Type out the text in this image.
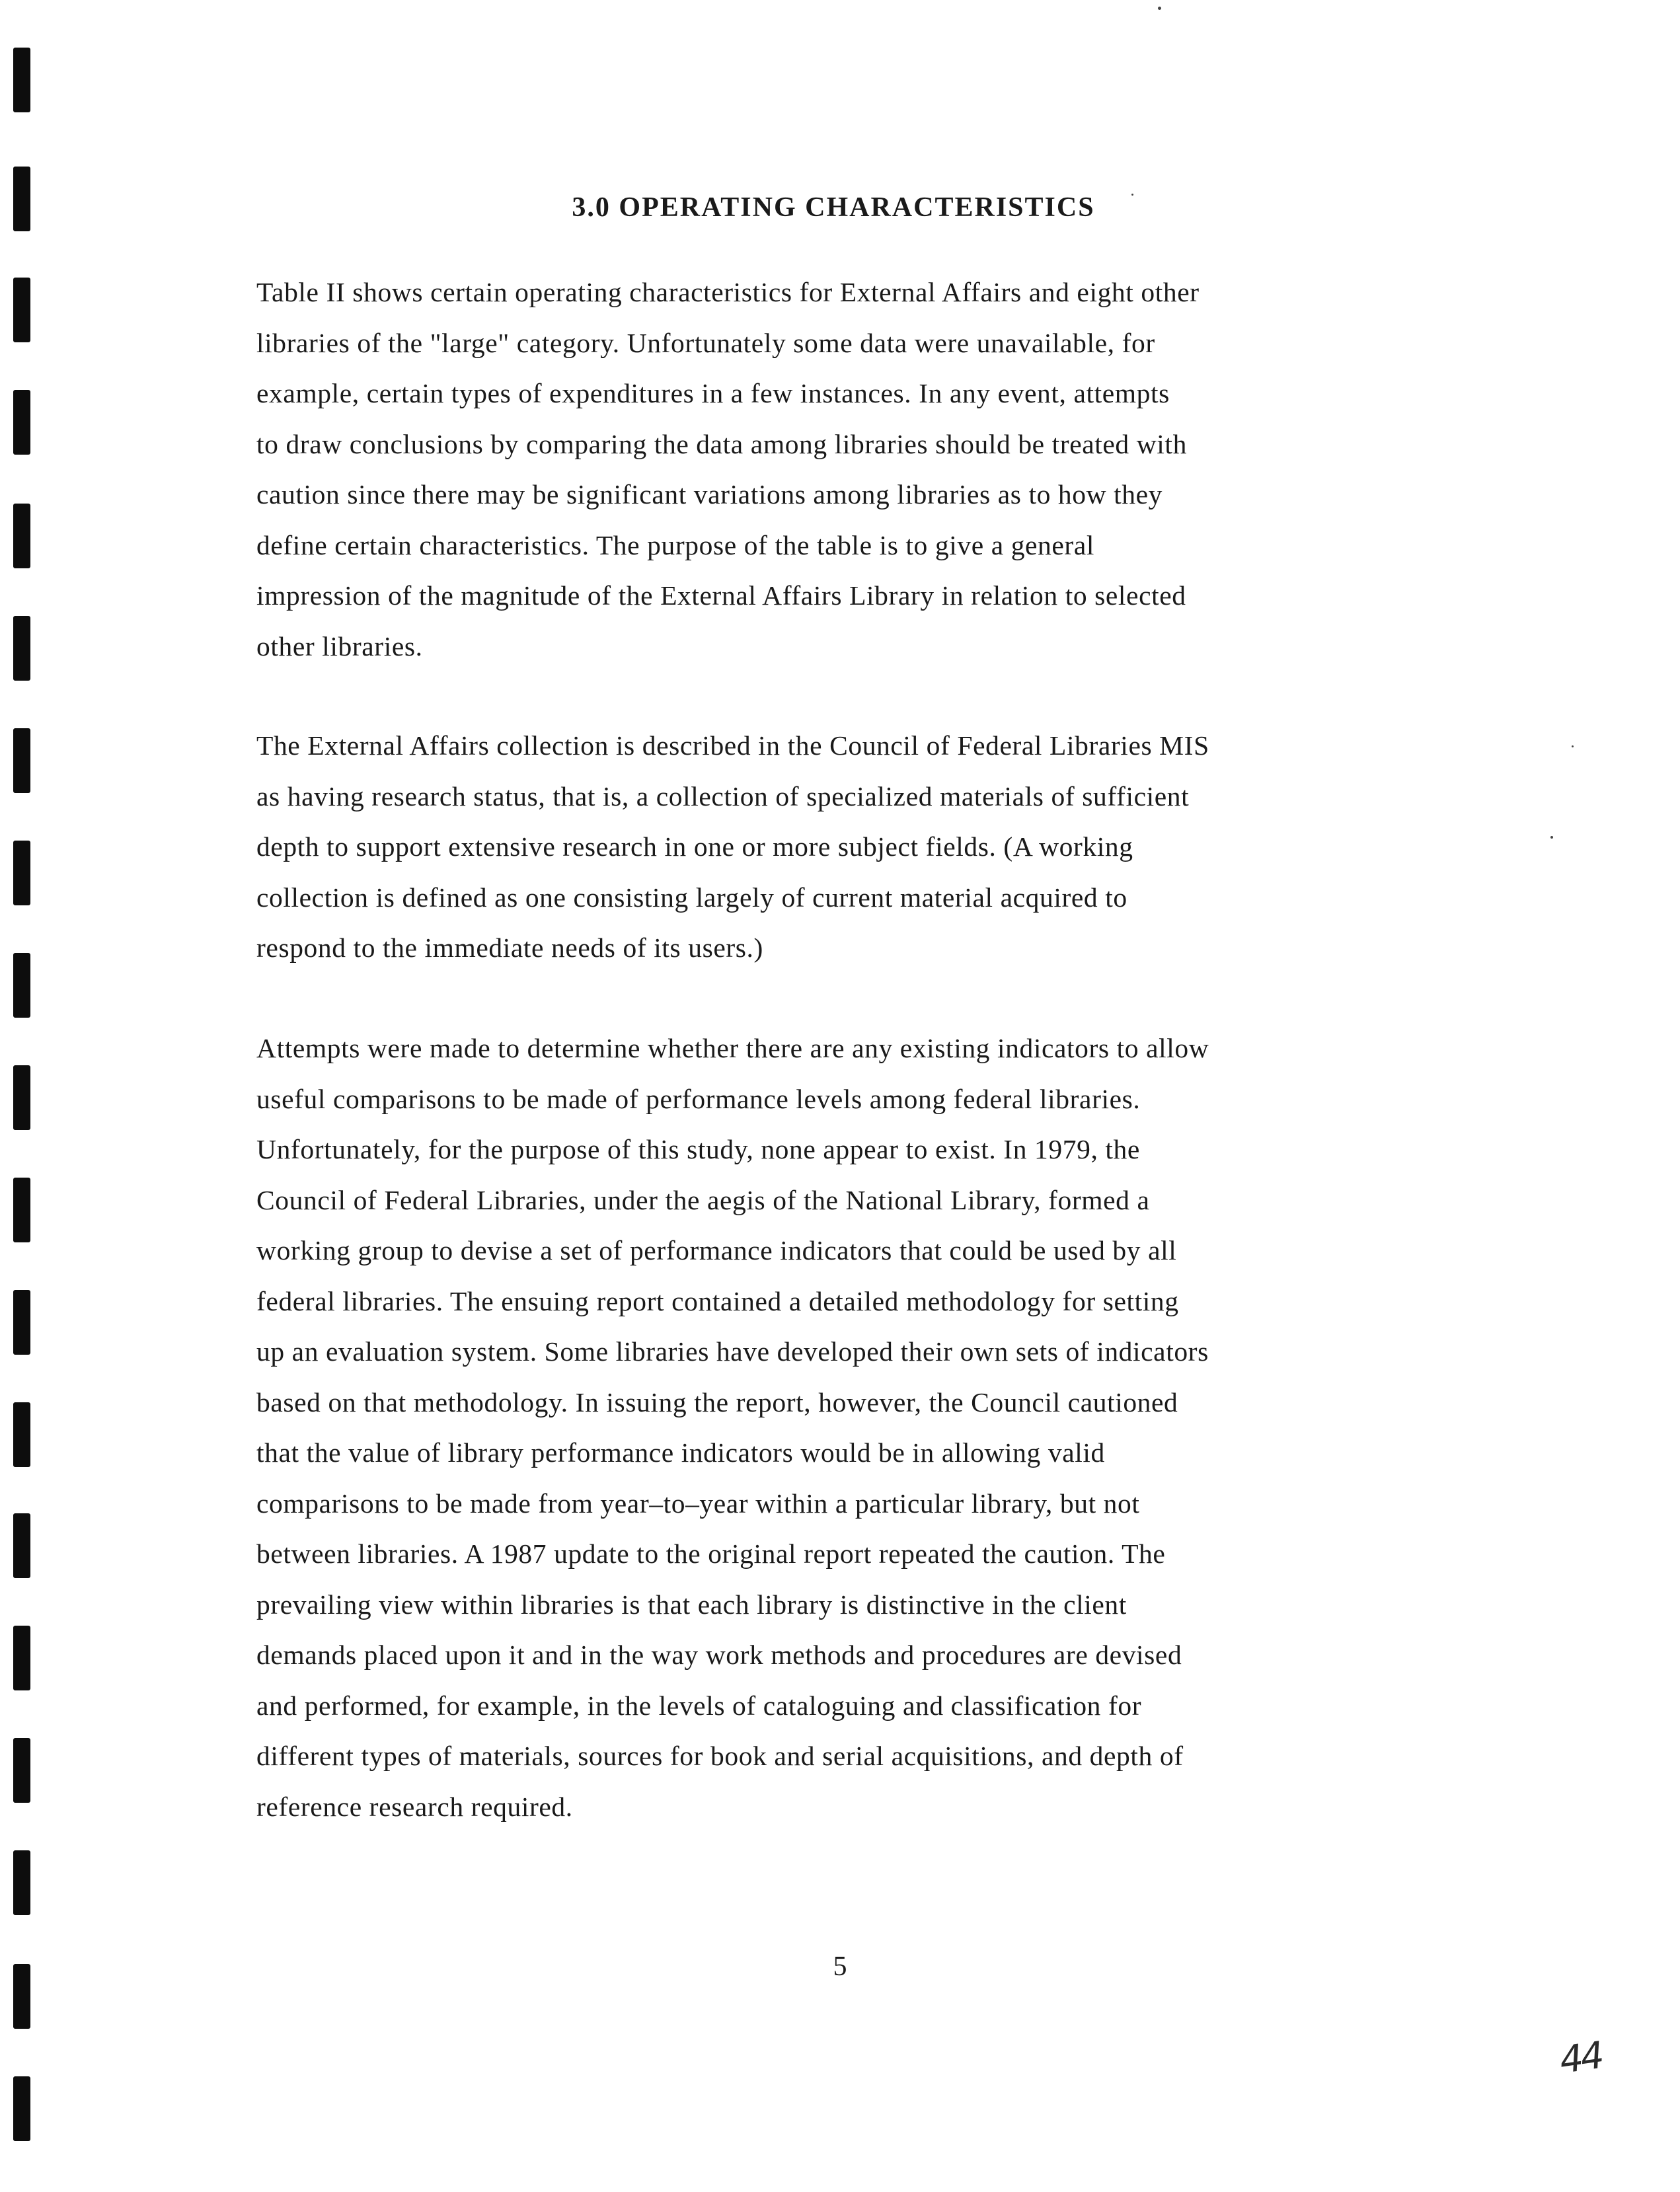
3.0 OPERATING CHARACTERISTICS

Table II shows certain operating characteristics for External Affairs and eight other
libraries of the "large" category. Unfortunately some data were unavailable, for
example, certain types of expenditures in a few instances. In any event, attempts
to draw conclusions by comparing the data among libraries should be treated with
caution since there may be significant variations among libraries as to how they
define certain characteristics. The purpose of the table is to give a general
impression of the magnitude of the External Affairs Library in relation to selected
other libraries.

The External Affairs collection is described in the Council of Federal Libraries MIS
as having research status, that is, a collection of specialized materials of sufficient
depth to support extensive research in one or more subject fields. (A working
collection is defined as one consisting largely of current material acquired to
respond to the immediate needs of its users.)

Attempts were made to determine whether there are any existing indicators to allow
useful comparisons to be made of performance levels among federal libraries.
Unfortunately, for the purpose of this study, none appear to exist. In 1979, the
Council of Federal Libraries, under the aegis of the National Library, formed a
working group to devise a set of performance indicators that could be used by all
federal libraries. The ensuing report contained a detailed methodology for setting
up an evaluation system. Some libraries have developed their own sets of indicators
based on that methodology. In issuing the report, however, the Council cautioned
that the value of library performance indicators would be in allowing valid
comparisons to be made from year–to–year within a particular library, but not
between libraries. A 1987 update to the original report repeated the caution. The
prevailing view within libraries is that each library is distinctive in the client
demands placed upon it and in the way work methods and procedures are devised
and performed, for example, in the levels of cataloguing and classification for
different types of materials, sources for book and serial acquisitions, and depth of
reference research required.

5
44
